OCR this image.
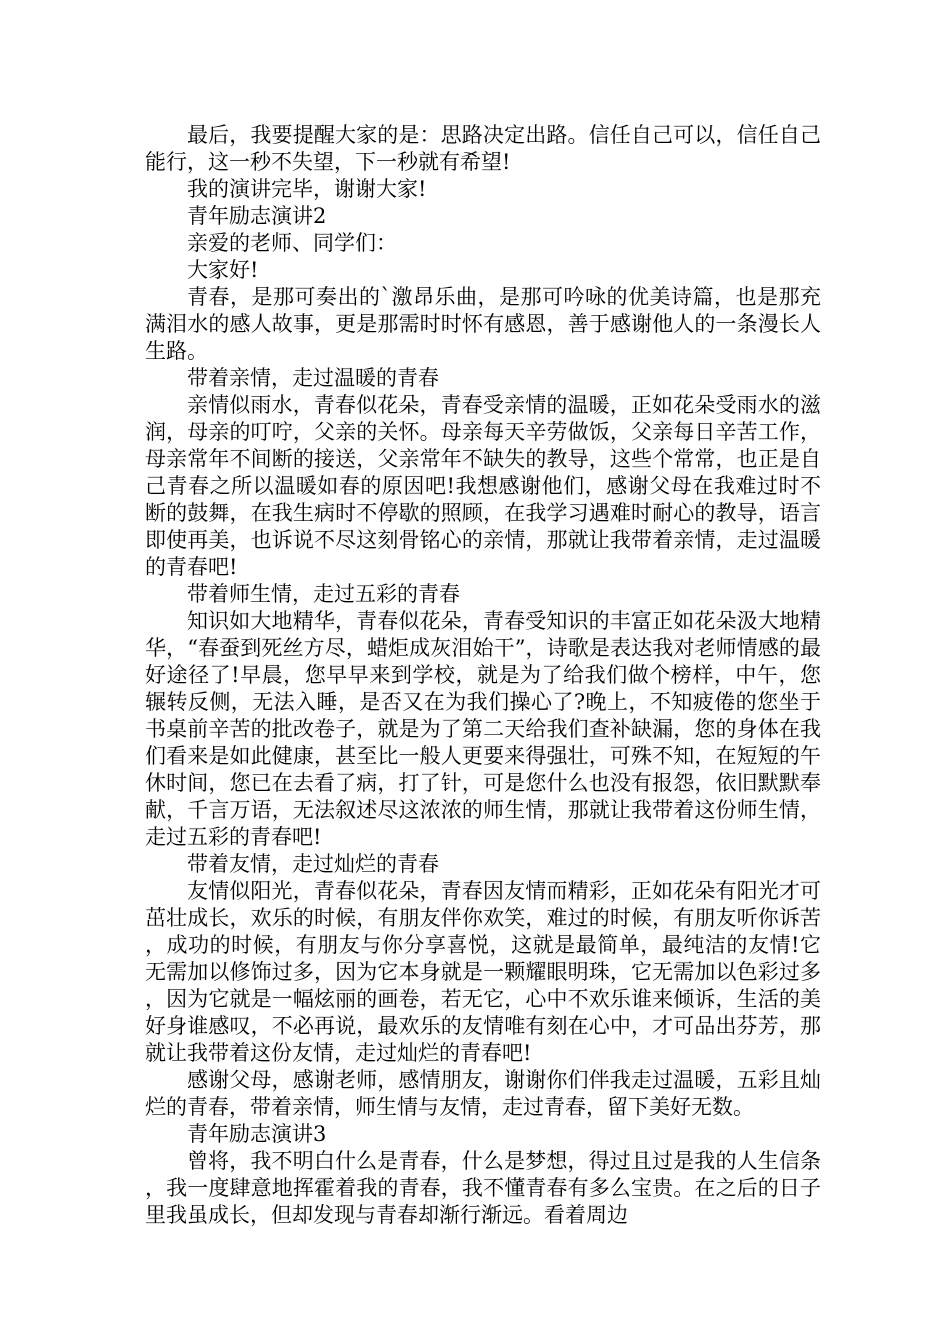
最后，我要提醒大家的是：思路决定出路。信任自己可以，信任自己能行，这一秒不失望，下一秒就有希望!

我的演讲完毕，谢谢大家!

青年励志演讲2

亲爱的老师、同学们：

大家好!

青春，是那可奏出的`激昂乐曲，是那可吟咏的优美诗篇，也是那充满泪水的感人故事，更是那需时时怀有感恩，善于感谢他人的一条漫长人生路。

带着亲情，走过温暖的青春

亲情似雨水，青春似花朵，青春受亲情的温暖，正如花朵受雨水的滋润，母亲的叮咛，父亲的关怀。母亲每天辛劳做饭，父亲每日辛苦工作，母亲常年不间断的接送，父亲常年不缺失的教导，这些个常常，也正是自己青春之所以温暖如春的原因吧!我想感谢他们，感谢父母在我难过时不断的鼓舞，在我生病时不停歇的照顾，在我学习遇难时耐心的教导，语言即使再美，也诉说不尽这刻骨铭心的亲情，那就让我带着亲情，走过温暖的青春吧!

带着师生情，走过五彩的青春

知识如大地精华，青春似花朵，青春受知识的丰富正如花朵汲大地精华，“春蚕到死丝方尽，蜡炬成灰泪始干”，诗歌是表达我对老师情感的最好途径了!早晨，您早早来到学校，就是为了给我们做个榜样，中午，您辗转反侧，无法入睡，是否又在为我们操心了?晚上，不知疲倦的您坐于书桌前辛苦的批改卷子，就是为了第二天给我们查补缺漏，您的身体在我们看来是如此健康，甚至比一般人更要来得强壮，可殊不知，在短短的午休时间，您已在去看了病，打了针，可是您什么也没有报怨，依旧默默奉献，千言万语，无法叙述尽这浓浓的师生情，那就让我带着这份师生情，走过五彩的青春吧!

带着友情，走过灿烂的青春

友情似阳光，青春似花朵，青春因友情而精彩，正如花朵有阳光才可茁壮成长，欢乐的时候，有朋友伴你欢笑，难过的时候，有朋友听你诉苦，成功的时候，有朋友与你分享喜悦，这就是最简单，最纯洁的友情!它无需加以修饰过多，因为它本身就是一颗耀眼明珠，它无需加以色彩过多，因为它就是一幅炫丽的画卷，若无它，心中不欢乐谁来倾诉，生活的美好身谁感叹，不必再说，最欢乐的友情唯有刻在心中，才可品出芬芳，那就让我带着这份友情，走过灿烂的青春吧!

感谢父母，感谢老师，感情朋友，谢谢你们伴我走过温暖，五彩且灿烂的青春，带着亲情，师生情与友情，走过青春，留下美好无数。

青年励志演讲3

曾将，我不明白什么是青春，什么是梦想，得过且过是我的人生信条，我一度肆意地挥霍着我的青春，我不懂青春有多么宝贵。在之后的日子里我虽成长，但却发现与青春却渐行渐远。看着周边
